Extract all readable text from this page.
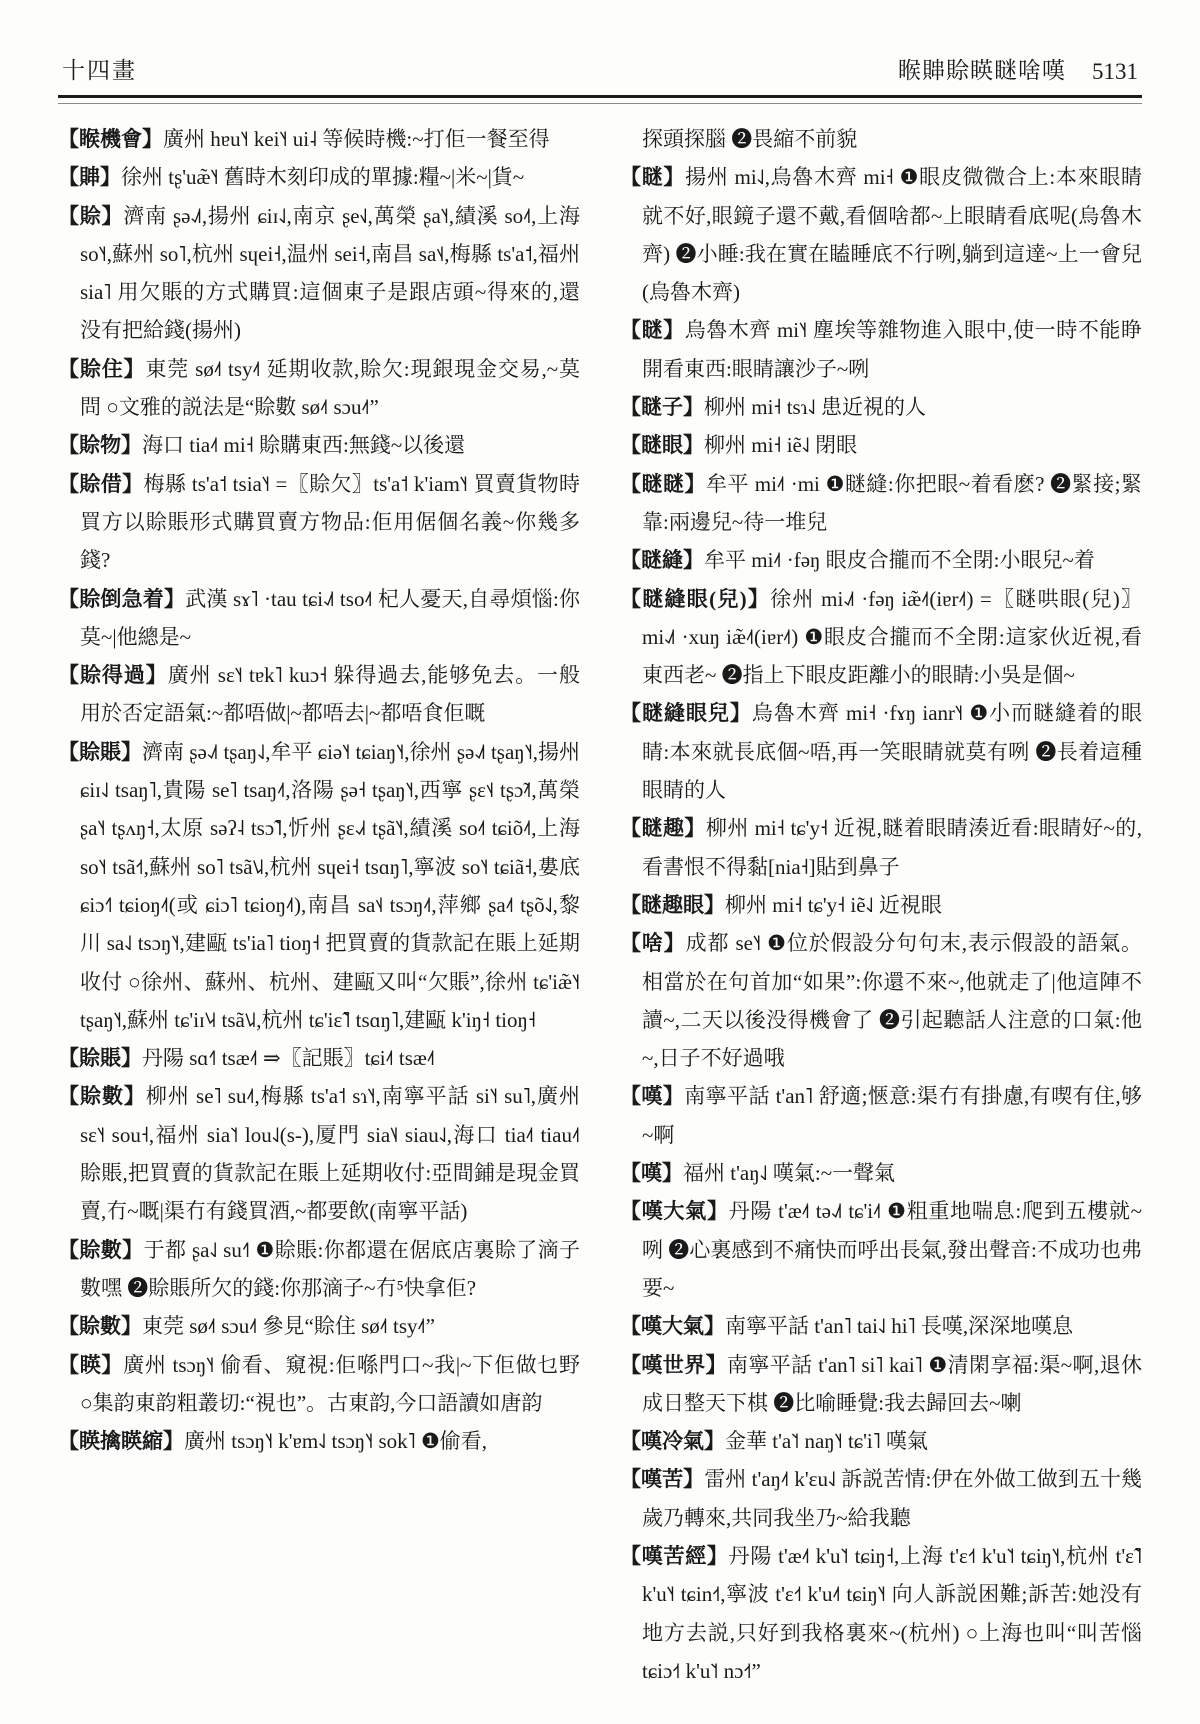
十四畫	睺賗賒䁐瞇啥嘆 5131

【睺機會】廣州 hɐu˥˧ kei˥˧ ui˨ 等候時機:~打佢一餐至得

【賗】徐州 tʂ'uæ̃˥˧ 舊時木刻印成的單據:糧~|米~|貨~

【賒】濟南 ʂə˨˩˦,揚州 ɕiɪ˨˩,南京 ʂe˧˩,萬榮 ʂa˥˧,績溪 so˨˦,上海 so˥˧,蘇州 so˥,杭州 sɥei˧,温州 sei˧,南昌 sa˦˨,梅縣 ts'a˦,福州 sia˥ 用欠賬的方式購買:這個東子是跟店頭~得來的,還没有把給錢(揚州)

【賒住】東莞 sø˨˦ tsy˨˦ 延期收款,賒欠:現銀現金交易,~莫問 ○文雅的説法是“賒數 sø˨˦ sɔu˨˦”

【賒物】海口 tia˨˦ mi˧ 賒購東西:無錢~以後還

【賒借】梅縣 ts'a˦ tsia˥˧ =〖賒欠〗ts'a˦ k'iam˥˧ 買賣貨物時買方以賒賬形式購買賣方物品:佢用倨個名義~你幾多錢?

【賒倒急着】武漢 sɤ˥ ·tau tɕi˨˩˦ tso˨˦ 杞人憂天,自尋煩惱:你莫~|他總是~

【賒得過】廣州 sɛ˥˧ tɐk˥ kuɔ˧ 躲得過去,能够免去。一般用於否定語氣:~都唔做|~都唔去|~都唔食佢嘅

【賒賬】濟南 ʂə˨˩˦ tʂaŋ˨˩,牟平 ɕiə˥˧ tɕiaŋ˥˧,徐州 ʂə˨˩˦ tʂaŋ˥˧,揚州 ɕiɪ˨˩ tsaŋ˥,貴陽 se˥ tsaŋ˨˦,洛陽 ʂə˧ tʂaŋ˥˧,西寧 ʂɛ˦˨ tʂɔ̃˨˦,萬榮 ʂa˥˧ tʂʌŋ˧,太原 səʔ˨ tsɔ̃˥,忻州 ʂɛ˨˩˧ tʂã˥˧,績溪 so˨˦ tɕiõ˨˦,上海 so˥˧ tsã˧˦,蘇州 so˥ tsã˦˩˨,杭州 sɥei˧ tsɑŋ˥,寧波 so˥˧ tɕiã˧,婁底 ɕiɔ˧˥ tɕioŋ˨˦(或 ɕiɔ˥ tɕioŋ˨˦),南昌 sa˦˨ tsɔŋ˨˦,萍鄉 ʂa˨˦ tʂõ˨˩,黎川 sa˨˩ tsɔŋ˥˧,建甌 ts'ia˥ tioŋ˧ 把買賣的貨款記在賬上延期收付 ○徐州、蘇州、杭州、建甌又叫“欠賬”,徐州 tɕ'iæ̃˥˧ tʂaŋ˥˧,蘇州 tɕ'iɪ˥˨˧ tsã˦˩˨,杭州 tɕ'iɛ̃˥ tsɑŋ˥,建甌 k'iŋ˧ tioŋ˧

【賒賬】丹陽 sɑ˧˥ tsæ˨˦ ⇒〖記賬〗tɕi˨˦ tsæ˨˦

【賒數】柳州 se˥ su˨˦,梅縣 ts'a˦ sɿ˥˧,南寧平話 si˥˧ su˥,廣州 sɛ˥˧ sou˧,福州 sia˥˦ lou˨˩(s-),厦門 sia˥˨ siau˨˩,海口 tia˨˦ tiau˨˦ 賒賬,把買賣的貨款記在賬上延期收付:亞間鋪是現金買賣,冇~嘅|渠冇有錢買酒,~都要飲(南寧平話)

【賒數】于都 ʂa˨˩ su˧˥ ❶賒賬:你都還在倨底店裏賒了滴子數嘿 ❷賒賬所欠的錢:你那滴子~冇⁵快拿佢?

【賒數】東莞 sø˨˦ sɔu˨˦ 參見“賒住 sø˨˦ tsy˨˦”

【䁐】廣州 tsɔŋ˥˧ 偷看、窺視:佢喺門口~我|~下佢做乜野 ○集韵東韵粗叢切:“視也”。古東韵,今口語讀如唐韵

【䁐擒䁐縮】廣州 tsɔŋ˥˧ k'ɐm˨˩ tsɔŋ˥˧ sok˥ ❶偷看,

探頭探腦 ❷畏縮不前貌

【瞇】揚州 mi˨˩,烏魯木齊 mi˧ ❶眼皮微微合上:本來眼睛就不好,眼鏡子還不戴,看個啥都~上眼睛看底呢(烏魯木齊) ❷小睡:我在實在瞌睡底不行咧,躺到這達~上一會兒(烏魯木齊)

【瞇】烏魯木齊 mi˥˧ 塵埃等雜物進入眼中,使一時不能睁開看東西:眼睛讓沙子~咧

【瞇子】柳州 mi˧ tsɿ˨˩ 患近視的人

【瞇眼】柳州 mi˧ iẽ˨˩ 閉眼

【瞇瞇】牟平 mi˨˦ ·mi ❶瞇縫:你把眼~着看麽? ❷緊接;緊靠:兩邊兒~待一堆兒

【瞇縫】牟平 mi˨˦ ·fəŋ 眼皮合攏而不全閉:小眼兒~着

【瞇縫眼(兒)】徐州 mi˨˩˦ ·fəŋ iæ̃˨˦(iɐr˨˦) =〖瞇哄眼(兒)〗mi˨˩˦ ·xuŋ iæ̃˨˦(iɐr˨˦) ❶眼皮合攏而不全閉:這家伙近視,看東西老~ ❷指上下眼皮距離小的眼睛:小吳是個~

【瞇縫眼兒】烏魯木齊 mi˧ ·fɤŋ ianr˥˧ ❶小而瞇縫着的眼睛:本來就長底個~唔,再一笑眼睛就莫有咧 ❷長着這種眼睛的人

【瞇趣】柳州 mi˧ tɕ'y˧ 近視,瞇着眼睛湊近看:眼睛好~的,看書恨不得黏[nia˧]貼到鼻子

【瞇趣眼】柳州 mi˧ tɕ'y˧ iẽ˨˩ 近視眼

【啥】成都 se˥˧ ❶位於假設分句句末,表示假設的語氣。相當於在句首加“如果”:你還不來~,他就走了|他這陣不讀~,二天以後没得機會了 ❷引起聽話人注意的口氣:他~,日子不好過哦

【嘆】南寧平話 t'an˥ 舒適;愜意:渠冇有掛慮,有喫有住,够~啊

【嘆】福州 t'aŋ˨˩ 嘆氣:~一聲氣

【嘆大氣】丹陽 t'æ˨˦ tə˨˩˦ tɕ'i˨˦ ❶粗重地喘息:爬到五樓就~咧 ❷心裏感到不痛快而呼出長氣,發出聲音:不成功也弗要~

【嘆大氣】南寧平話 t'an˥ tai˨˩ hi˥ 長嘆,深深地嘆息

【嘆世界】南寧平話 t'an˥ si˥ kai˥ ❶清閑享福:渠~啊,退休成日整天下棋 ❷比喻睡覺:我去歸回去~喇

【嘆冷氣】金華 t'a˥˦ naŋ˥˧ tɕ'i˥ 嘆氣

【嘆苦】雷州 t'aŋ˨˦ k'ɛu˨˩ 訴説苦情:伊在外做工做到五十幾歲乃轉來,共同我坐乃~給我聽

【嘆苦經】丹陽 t'æ˨˦ k'u˥˦ tɕiŋ˧,上海 t'ɛ˧˦ k'u˥˦ tɕiŋ˥˧,杭州 t'ɛ̃˥ k'u˥˧ tɕin˧˦,寧波 t'ɛ˧˦ k'u˨˦ tɕiŋ˥˧ 向人訴説困難;訴苦:她没有地方去説,只好到我格裏來~(杭州) ○上海也叫“叫苦惱 tɕiɔ˧˦ k'u˥˦ nɔ˧˦”
